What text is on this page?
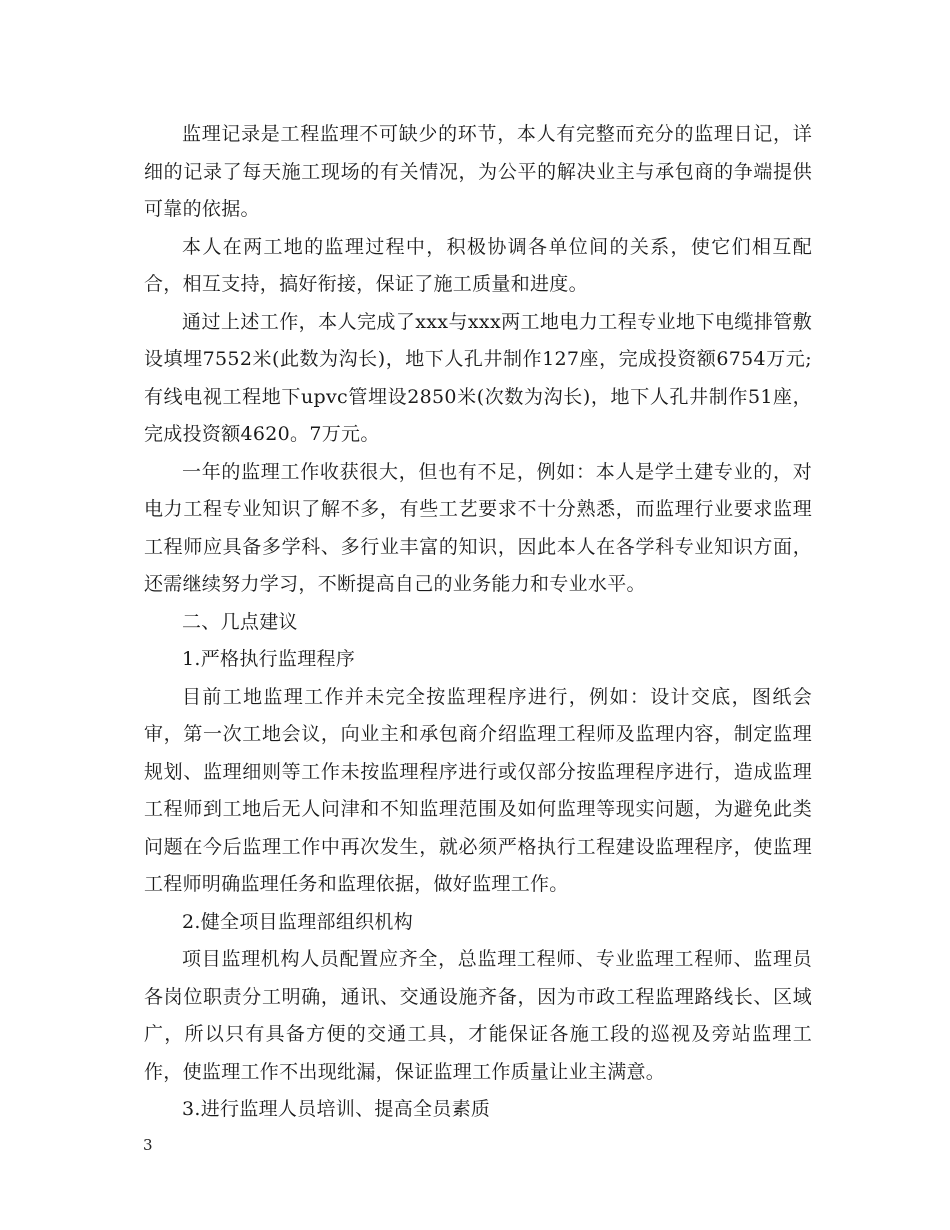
监理记录是工程监理不可缺少的环节，本人有完整而充分的监理日记，详细的记录了每天施工现场的有关情况，为公平的解决业主与承包商的争端提供可靠的依据。

本人在两工地的监理过程中，积极协调各单位间的关系，使它们相互配合，相互支持，搞好衔接，保证了施工质量和进度。

通过上述工作，本人完成了xxx与xxx两工地电力工程专业地下电缆排管敷设填埋7552米(此数为沟长)，地下人孔井制作127座，完成投资额6754万元;有线电视工程地下upvc管埋设2850米(次数为沟长)，地下人孔井制作51座，完成投资额4620。7万元。

一年的监理工作收获很大，但也有不足，例如：本人是学土建专业的，对电力工程专业知识了解不多，有些工艺要求不十分熟悉，而监理行业要求监理工程师应具备多学科、多行业丰富的知识，因此本人在各学科专业知识方面，还需继续努力学习，不断提高自己的业务能力和专业水平。

二、几点建议

1.严格执行监理程序

目前工地监理工作并未完全按监理程序进行，例如：设计交底，图纸会审，第一次工地会议，向业主和承包商介绍监理工程师及监理内容，制定监理规划、监理细则等工作未按监理程序进行或仅部分按监理程序进行，造成监理工程师到工地后无人问津和不知监理范围及如何监理等现实问题，为避免此类问题在今后监理工作中再次发生，就必须严格执行工程建设监理程序，使监理工程师明确监理任务和监理依据，做好监理工作。

2.健全项目监理部组织机构

项目监理机构人员配置应齐全，总监理工程师、专业监理工程师、监理员各岗位职责分工明确，通讯、交通设施齐备，因为市政工程监理路线长、区域广，所以只有具备方便的交通工具，才能保证各施工段的巡视及旁站监理工作，使监理工作不出现纰漏，保证监理工作质量让业主满意。

3.进行监理人员培训、提高全员素质

3
